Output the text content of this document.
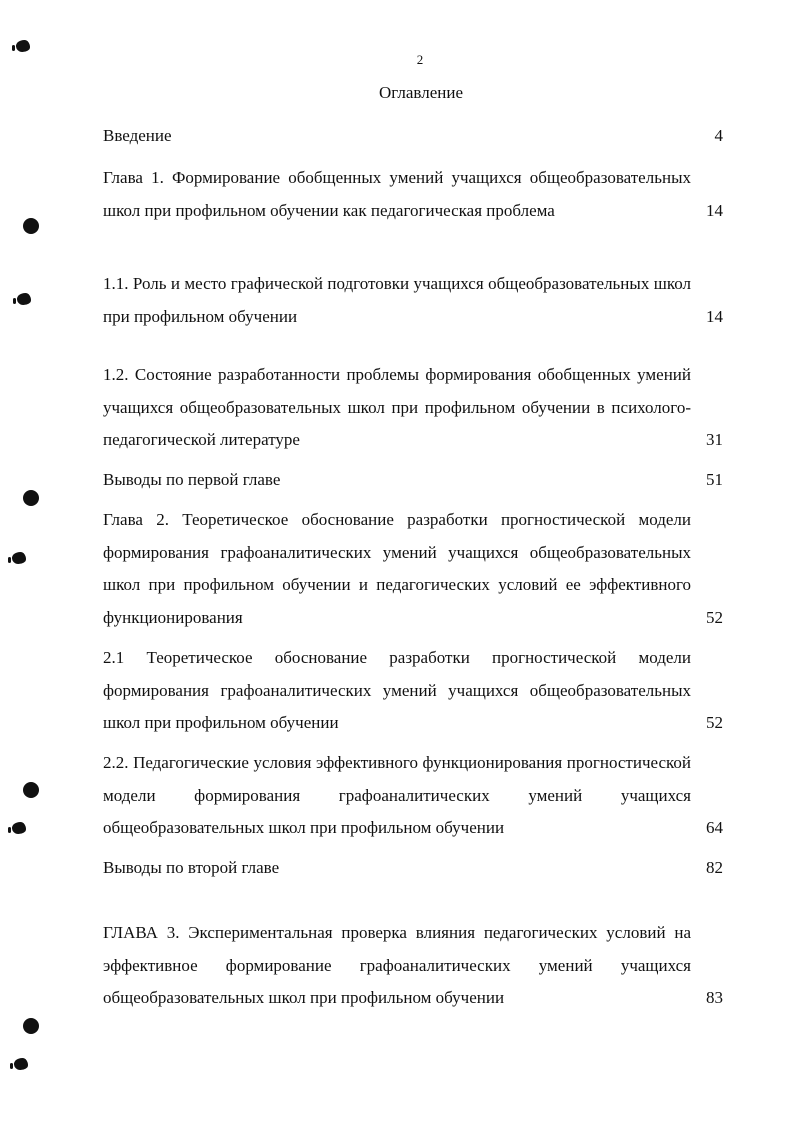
2
Оглавление
Введение	4
Глава 1. Формирование обобщенных умений учащихся общеобразовательных школ при профильном обучении как педагогическая проблема	14
1.1. Роль и место графической подготовки учащихся общеобразовательных школ при профильном обучении	14
1.2. Состояние разработанности проблемы формирования обобщенных умений учащихся общеобразовательных школ при профильном обучении в психолого-педагогической литературе	31
Выводы по первой главе	51
Глава 2. Теоретическое обоснование разработки прогностической модели формирования графоаналитических умений учащихся общеобразовательных школ при профильном обучении и педагогических условий ее эффективного функционирования	52
2.1 Теоретическое обоснование разработки прогностической модели формирования графоаналитических умений учащихся общеобразовательных школ при профильном обучении	52
2.2. Педагогические условия эффективного функционирования прогностической модели формирования графоаналитических умений учащихся общеобразовательных школ при профильном обучении	64
Выводы по второй главе	82
ГЛАВА 3. Экспериментальная проверка влияния педагогических условий на эффективное формирование графоаналитических умений учащихся общеобразовательных школ при профильном обучении	83
